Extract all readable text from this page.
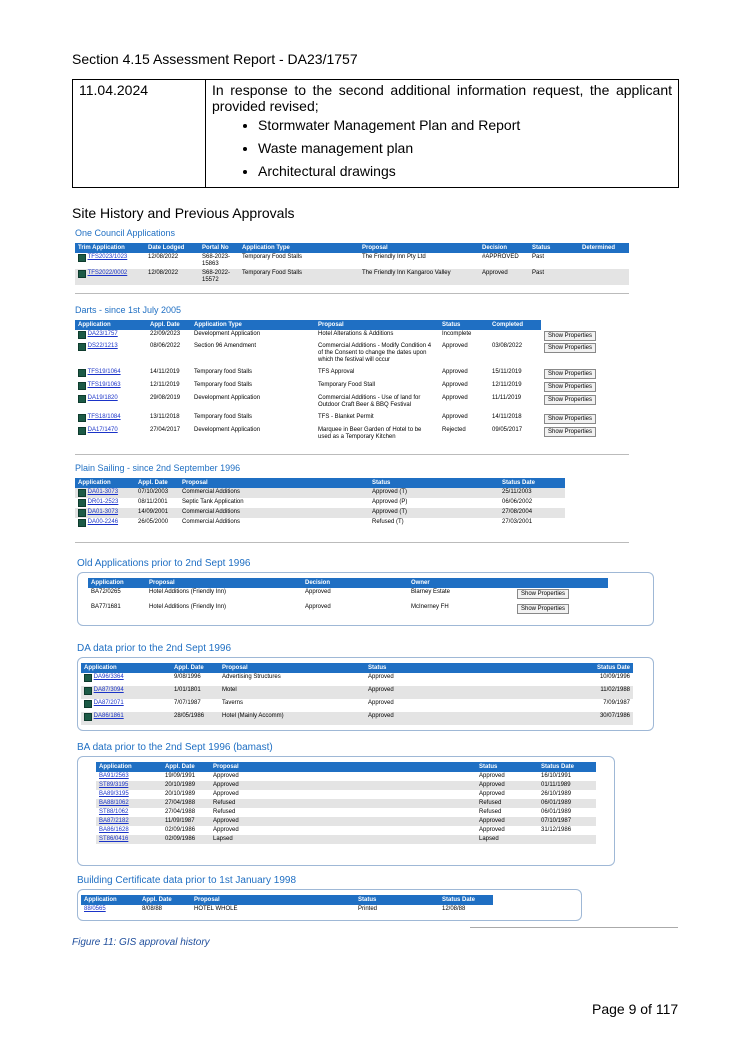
Section 4.15 Assessment Report - DA23/1757
11.04.2024	In response to the second additional information request, the applicant provided revised;
• Stormwater Management Plan and Report
• Waste management plan
• Architectural drawings
Site History and Previous Approvals
One Council Applications
Trim Application	Date Lodged	Portal No	Application Type	Proposal	Decision	Status	Determined
TFS2023/1023	12/08/2022	S68-2023-15863	Temporary Food Stalls	The Friendly Inn Pty Ltd	#APPROVED	Past	
TFS2022/0002	12/08/2022	S68-2022-15572	Temporary Food Stalls	The Friendly Inn Kangaroo Valley	Approved	Past	
Darts - since 1st July 2005
Application	Appl. Date	Application Type	Proposal	Status	Completed	
DA23/1757	22/09/2023	Development Application	Hotel Alterations & Additions	Incomplete		Show Properties
DS22/1213	08/06/2022	Section 96 Amendment	Commercial Additions - Modify Condition 4 of the Consent to change the dates upon which the festival will occur	Approved	03/08/2022	Show Properties
TFS19/1064	14/11/2019	Temporary food Stalls	TFS Approval	Approved	15/11/2019	Show Properties
TFS19/1063	12/11/2019	Temporary food Stalls	Temporary Food Stall	Approved	12/11/2019	Show Properties
DA19/1820	29/08/2019	Development Application	Commercial Additions - Use of land for Outdoor Craft Beer & BBQ Festival	Approved	11/11/2019	Show Properties
TFS18/1084	13/11/2018	Temporary food Stalls	TFS - Blanket Permit	Approved	14/11/2018	Show Properties
DA17/1470	27/04/2017	Development Application	Marquee in Beer Garden of Hotel to be used as a Temporary Kitchen	Rejected	09/05/2017	Show Properties
Plain Sailing - since 2nd September 1996
Application	Appl. Date	Proposal	Status	Status Date
DA01-3073	07/10/2003	Commercial Additions	Approved (T)	25/11/2003
DR01-2523	08/11/2001	Septic Tank Application	Approved (P)	06/06/2002
DA01-3073	14/09/2001	Commercial Additions	Approved (T)	27/08/2004
DA00-2246	26/05/2000	Commercial Additions	Refused (T)	27/03/2001
Old Applications prior to 2nd Sept 1996
Application	Proposal	Decision	Owner	
BA72/0265	Hotel Additions (Friendly Inn)	Approved	Blarney Estate	Show Properties
BA77/1681	Hotel Additions (Friendly Inn)	Approved	McInerney FH	Show Properties
DA data prior to the 2nd Sept 1996
Application	Appl. Date	Proposal	Status	Status Date
DA96/3364	9/08/1996	Advertising Structures	Approved	10/09/1996
DA87/3094	1/01/1801	Motel	Approved	11/02/1988
DA87/2071	7/07/1987	Taverns	Approved	7/09/1987
DA86/1861	28/05/1986	Hotel (Mainly Accomm)	Approved	30/07/1986
BA data prior to the 2nd Sept 1996 (bamast)
Application	Appl. Date	Proposal	Status	Status Date
BA91/2563	19/09/1991	Approved	Approved	16/10/1991
ST89/3195	20/10/1989	Approved	Approved	01/11/1989
BA89/3195	20/10/1989	Approved	Approved	26/10/1989
BA88/1062	27/04/1988	Refused	Refused	06/01/1989
ST88/1062	27/04/1988	Refused	Refused	06/01/1989
BA87/2182	11/09/1987	Approved	Approved	07/10/1987
BA86/1628	02/09/1986	Approved	Approved	31/12/1986
ST86/0416	02/09/1986	Lapsed	Lapsed	
Building Certificate data prior to 1st January 1998
Application	Appl. Date	Proposal	Status	Status Date
88/0565	8/08/88	HOTEL WHOLE	Printed	12/08/88
Figure 11: GIS approval history
Page 9 of 117
